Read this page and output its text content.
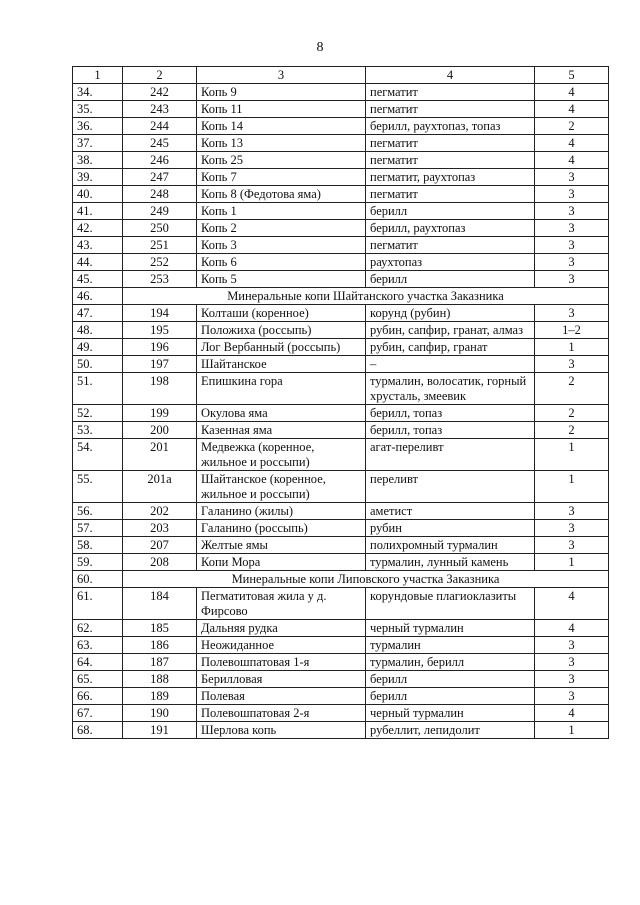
8
1	2	3	4	5
34.	242	Копь 9	пегматит	4
35.	243	Копь 11	пегматит	4
36.	244	Копь 14	берилл, раухтопаз, топаз	2
37.	245	Копь 13	пегматит	4
38.	246	Копь 25	пегматит	4
39.	247	Копь 7	пегматит, раухтопаз	3
40.	248	Копь 8 (Федотова яма)	пегматит	3
41.	249	Копь 1	берилл	3
42.	250	Копь 2	берилл, раухтопаз	3
43.	251	Копь 3	пегматит	3
44.	252	Копь 6	раухтопаз	3
45.	253	Копь 5	берилл	3
46.	Минеральные копи Шайтанского участка Заказника			
47.	194	Колташи (коренное)	корунд (рубин)	3
48.	195	Положиха (россыпь)	рубин, сапфир, гранат, алмаз	1–2
49.	196	Лог Вербанный (россыпь)	рубин, сапфир, гранат	1
50.	197	Шайтанское	–	3
51.	198	Епишкина гора	турмалин, волосатик, горный хрусталь, змеевик	2
52.	199	Окулова яма	берилл, топаз	2
53.	200	Казенная яма	берилл, топаз	2
54.	201	Медвежка (коренное, жильное и россыпи)	агат-переливт	1
55.	201а	Шайтанское (коренное, жильное и россыпи)	переливт	1
56.	202	Галанино (жилы)	аметист	3
57.	203	Галанино (россыпь)	рубин	3
58.	207	Желтые ямы	полихромный турмалин	3
59.	208	Копи Мора	турмалин, лунный камень	1
60.	Минеральные копи Липовского участка Заказника			
61.	184	Пегматитовая жила у д. Фирсово	корундовые плагиоклазиты	4
62.	185	Дальняя рудка	черный турмалин	4
63.	186	Неожиданное	турмалин	3
64.	187	Полевошпатовая 1-я	турмалин, берилл	3
65.	188	Берилловая	берилл	3
66.	189	Полевая	берилл	3
67.	190	Полевошпатовая 2-я	черный турмалин	4
68.	191	Шерлова копь	рубеллит, лепидолит	1
